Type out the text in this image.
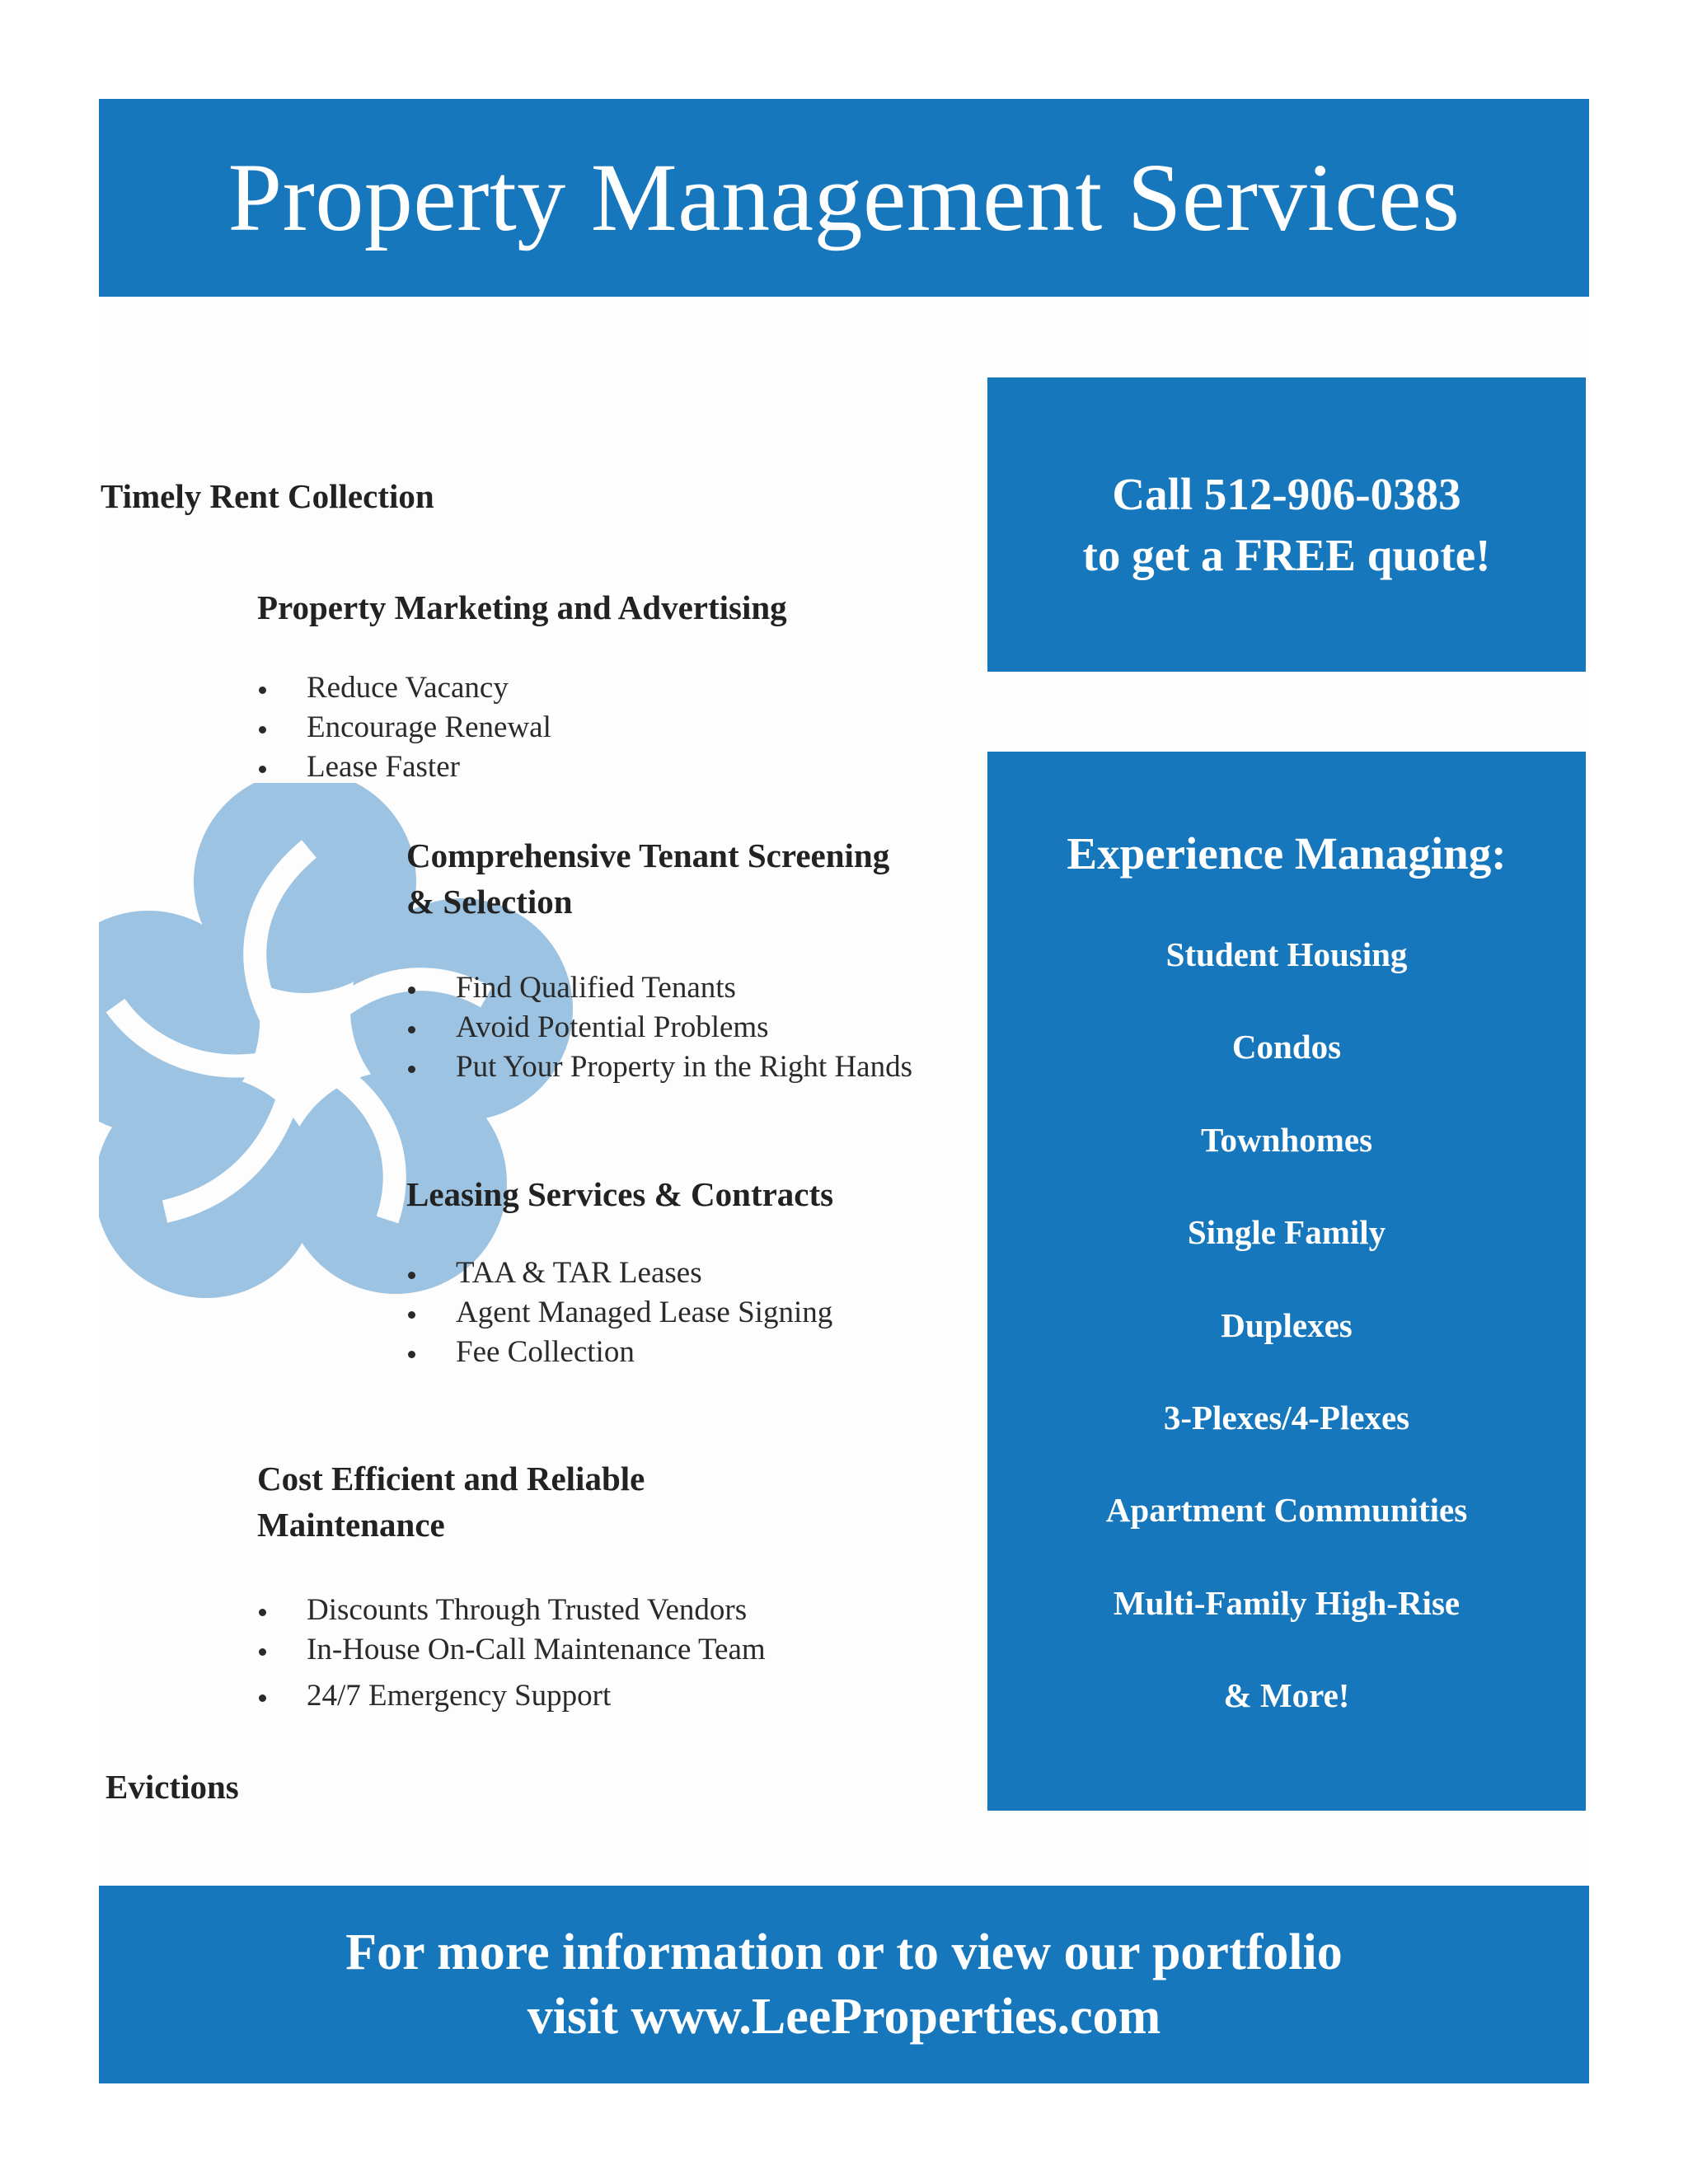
Property Management Services
Timely Rent Collection
Property Marketing and Advertising
Reduce Vacancy
Encourage Renewal
Lease Faster
Comprehensive Tenant Screening
& Selection
Find Qualified Tenants
Avoid Potential Problems
Put Your Property in the Right Hands
Leasing Services & Contracts
TAA & TAR Leases
Agent Managed Lease Signing
Fee Collection
Cost Efficient and Reliable
Maintenance
Discounts Through Trusted Vendors
In-House On-Call Maintenance Team
24/7 Emergency Support
Evictions
Call 512-906-0383
to get a FREE quote!
Experience Managing:
Student Housing
Condos
Townhomes
Single Family
Duplexes
3-Plexes/4-Plexes
Apartment Communities
Multi-Family High-Rise
& More!
For more information or to view our portfolio
visit www.LeeProperties.com
